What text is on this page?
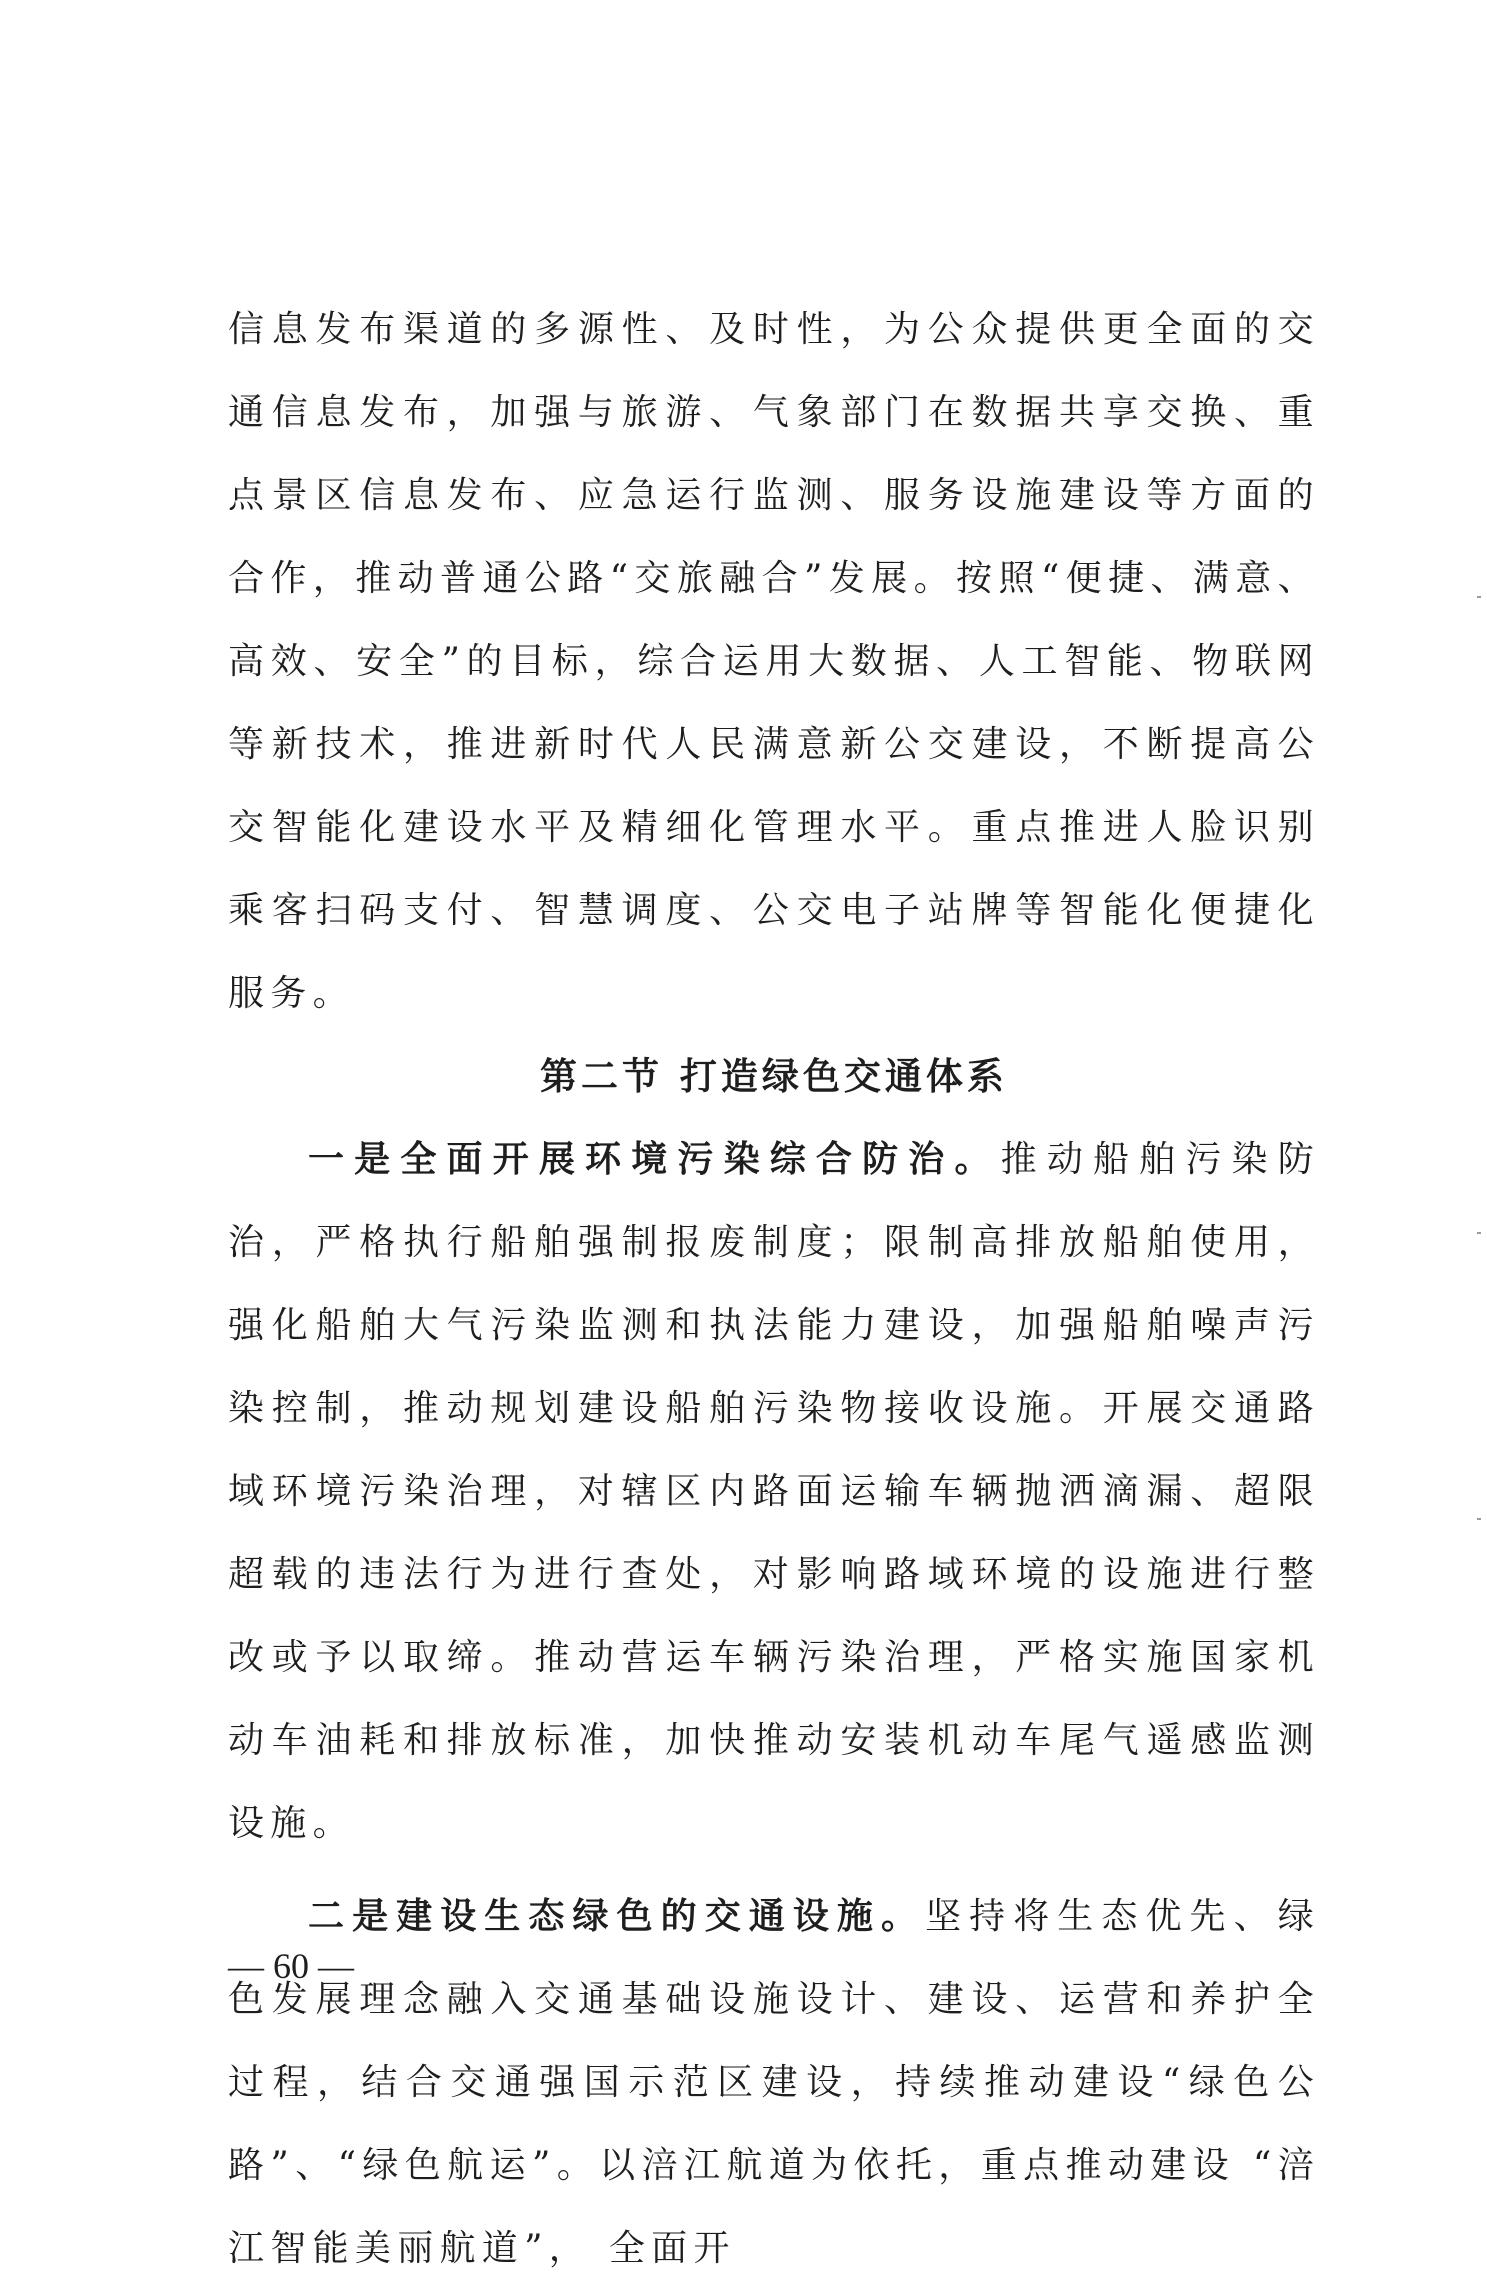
信息发布渠道的多源性、及时性，为公众提供更全面的交通信息发布，加强与旅游、气象部门在数据共享交换、重点景区信息发布、应急运行监测、服务设施建设等方面的合作，推动普通公路“交旅融合”发展。按照“便捷、满意、高效、安全”的目标，综合运用大数据、人工智能、物联网等新技术，推进新时代人民满意新公交建设，不断提高公交智能化建设水平及精细化管理水平。重点推进人脸识别乘客扫码支付、智慧调度、公交电子站牌等智能化便捷化服务。

第二节 打造绿色交通体系

一是全面开展环境污染综合防治。推动船舶污染防治，严格执行船舶强制报废制度；限制高排放船舶使用，强化船舶大气污染监测和执法能力建设，加强船舶噪声污染控制，推动规划建设船舶污染物接收设施。开展交通路域环境污染治理，对辖区内路面运输车辆抛洒滴漏、超限超载的违法行为进行查处，对影响路域环境的设施进行整改或予以取缔。推动营运车辆污染治理，严格实施国家机动车油耗和排放标准，加快推动安装机动车尾气遥感监测设施。

二是建设生态绿色的交通设施。坚持将生态优先、绿色发展理念融入交通基础设施设计、建设、运营和养护全过程，结合交通强国示范区建设，持续推动建设“绿色公路”、“绿色航运”。以涪江航道为依托，重点推动建设 “涪江智能美丽航道”， 全面开

— 60 —
